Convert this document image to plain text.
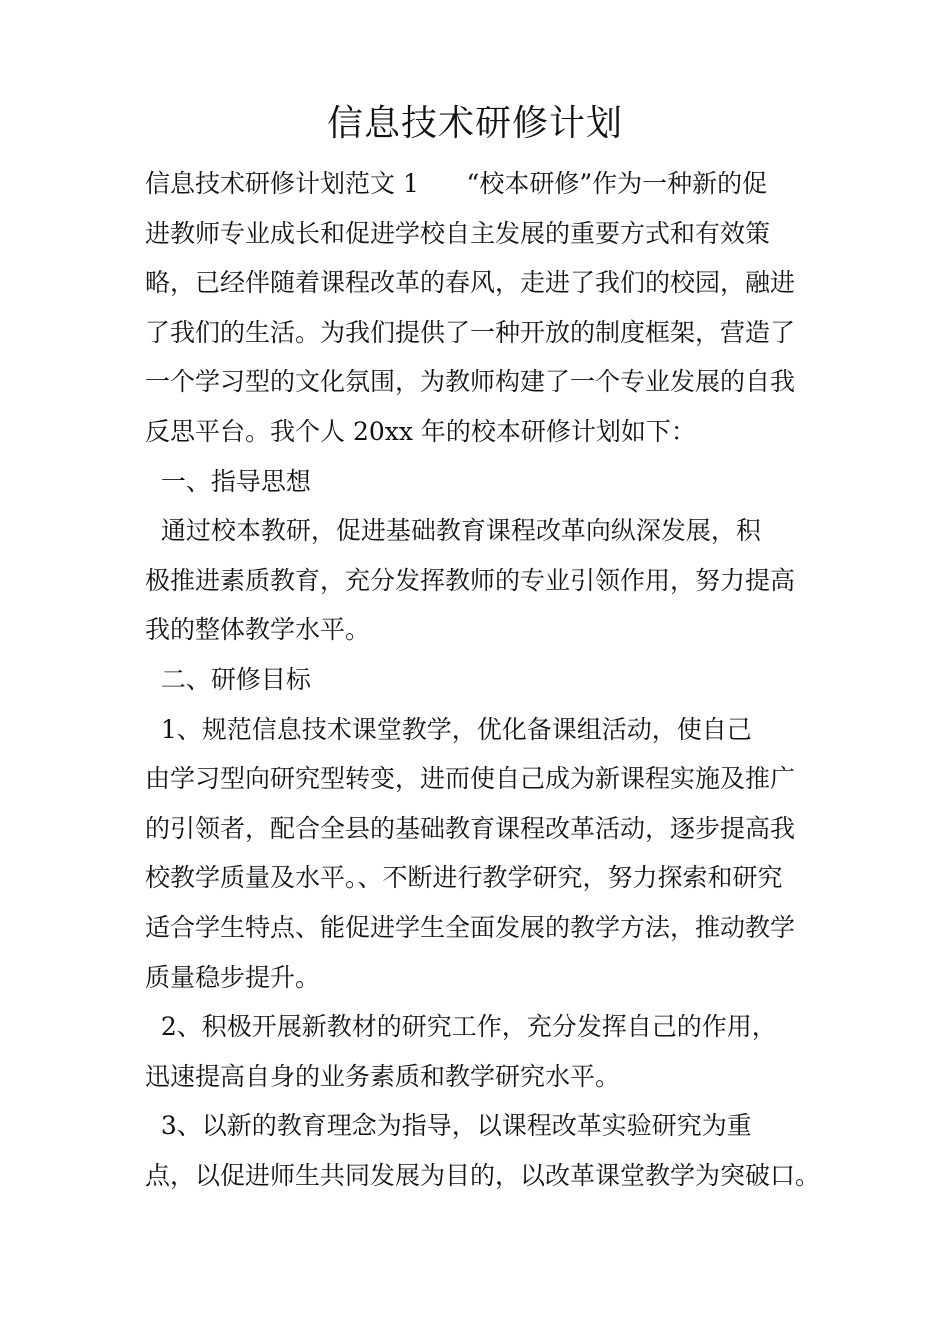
信息技术研修计划
信息技术研修计划范文 1      “校本研修”作为一种新的促
进教师专业成长和促进学校自主发展的重要方式和有效策
略，已经伴随着课程改革的春风，走进了我们的校园，融进
了我们的生活。为我们提供了一种开放的制度框架，营造了
一个学习型的文化氛围，为教师构建了一个专业发展的自我
反思平台。我个人 20xx 年的校本研修计划如下：
一、指导思想
通过校本教研，促进基础教育课程改革向纵深发展，积
极推进素质教育，充分发挥教师的专业引领作用，努力提高
我的整体教学水平。
二、研修目标
1、规范信息技术课堂教学，优化备课组活动，使自己
由学习型向研究型转变，进而使自己成为新课程实施及推广
的引领者，配合全县的基础教育课程改革活动，逐步提高我
校教学质量及水平。、不断进行教学研究，努力探索和研究
适合学生特点、能促进学生全面发展的教学方法，推动教学
质量稳步提升。
2、积极开展新教材的研究工作，充分发挥自己的作用，
迅速提高自身的业务素质和教学研究水平。
3、以新的教育理念为指导，以课程改革实验研究为重
点，以促进师生共同发展为目的，以改革课堂教学为突破口。
